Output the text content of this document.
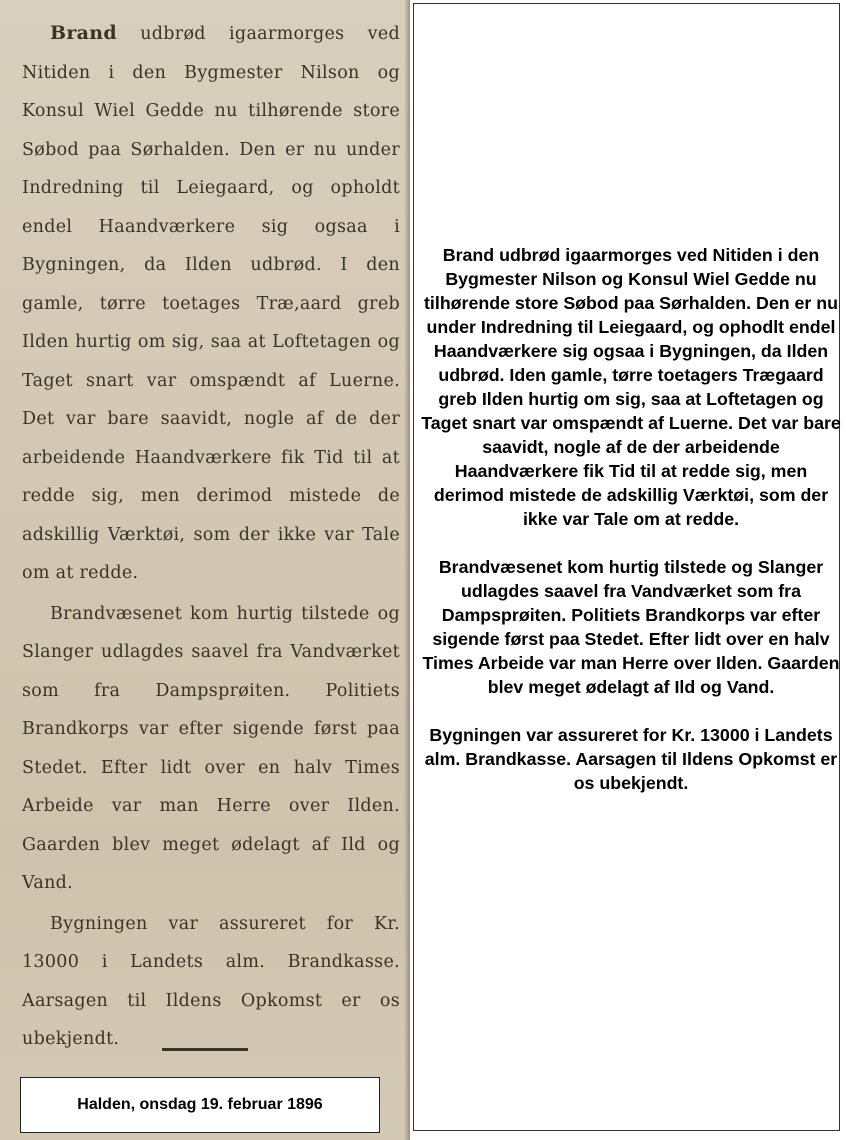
Brand udbrød igaarmorges ved Nitiden i den Bygmester Nilson og Konsul Wiel Gedde nu tilhørende store Søbod paa Sørhalden. Den er nu under Indredning til Leiegaard, og opholdt endel Haandværkere sig ogsaa i Bygningen, da Ilden udbrød. I den gamle, tørre toetages Træ,aard greb Ilden hurtig om sig, saa at Loftetagen og Taget snart var omspændt af Luerne. Det var bare saavidt, nogle af de der arbeidende Haandværkere fik Tid til at redde sig, men derimod mistede de adskillig Værktøi, som der ikke var Tale om at redde.

Brandvæsenet kom hurtig tilstede og Slanger udlagdes saavel fra Vandværket som fra Dampsprøiten. Politiets Brandkorps var efter sigende først paa Stedet. Efter lidt over en halv Times Arbeide var man Herre over Ilden. Gaarden blev meget ødelagt af Ild og Vand.

Bygningen var assureret for Kr. 13000 i Landets alm. Brandkasse. Aarsagen til Ildens Opkomst er os ubekjendt.

Halden, onsdag 19. februar 1896

Brand udbrød igaarmorges ved Nitiden i den Bygmester Nilson og Konsul Wiel Gedde nu tilhørende store Søbod paa Sørhalden. Den er nu under Indredning til Leiegaard, og ophodlt endel Haandværkere sig ogsaa i Bygningen, da Ilden udbrød. Iden gamle, tørre toetagers Trægaard greb Ilden hurtig om sig, saa at Loftetagen og Taget snart var omspændt af Luerne. Det var bare saavidt, nogle af de der arbeidende Haandværkere fik Tid til at redde sig, men derimod mistede de adskillig Værktøi, som der ikke var Tale om at redde.

Brandvæsenet kom hurtig tilstede og Slanger udlagdes saavel fra Vandværket som fra Dampsprøiten. Politiets Brandkorps var efter sigende først paa Stedet. Efter lidt over en halv Times Arbeide var man Herre over Ilden. Gaarden blev meget ødelagt af Ild og Vand.

Bygningen var assureret for Kr. 13000 i Landets alm. Brandkasse. Aarsagen til Ildens Opkomst er os ubekjendt.
